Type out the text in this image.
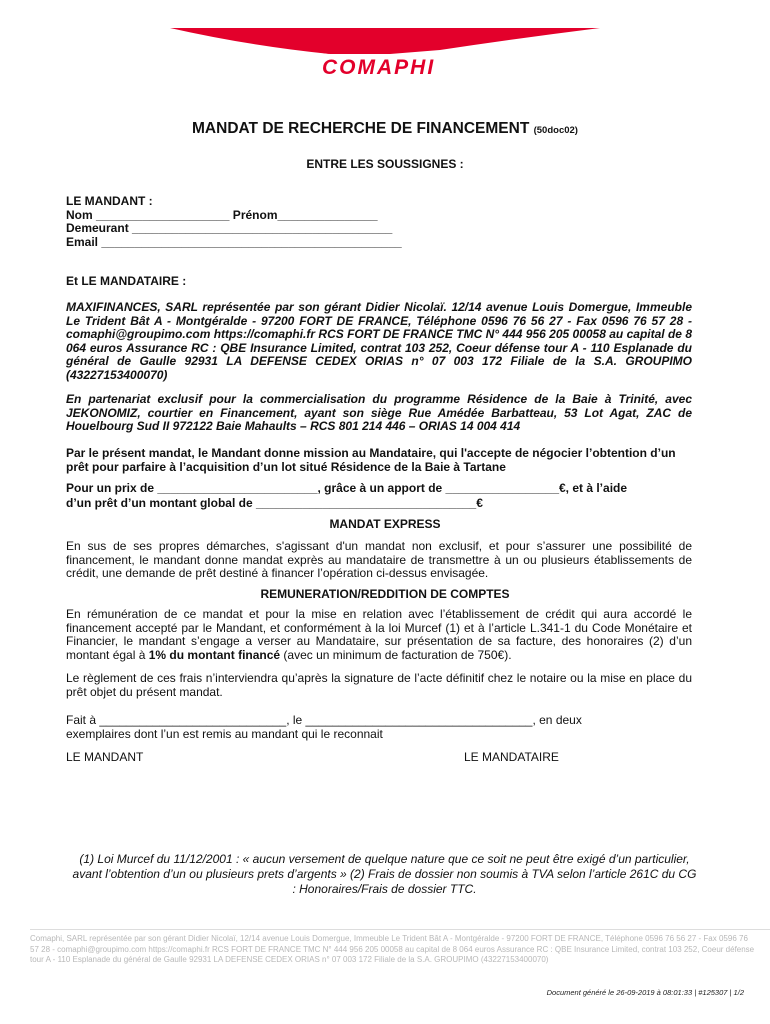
COMAPHI
MANDAT DE RECHERCHE DE FINANCEMENT (50doc02)
ENTRE LES SOUSSIGNES :
LE MANDANT :
Nom ____________________ Prénom_______________
Demeurant _______________________________________
Email _____________________________________________
Et LE MANDATAIRE :
MAXIFINANCES, SARL représentée par son gérant Didier Nicolaï. 12/14 avenue Louis Domergue, Immeuble Le Trident Bât A - Montgéralde - 97200 FORT DE FRANCE, Téléphone 0596 76 56 27 - Fax 0596 76 57 28 - comaphi@groupimo.com https://comaphi.fr RCS FORT DE FRANCE TMC N° 444 956 205 00058 au capital de 8 064 euros Assurance RC : QBE Insurance Limited, contrat 103 252, Coeur défense tour A - 110 Esplanade du général de Gaulle 92931 LA DEFENSE CEDEX ORIAS n° 07 003 172 Filiale de la S.A. GROUPIMO (43227153400070)
En partenariat exclusif pour la commercialisation du programme Résidence de la Baie à Trinité, avec JEKONOMIZ, courtier en Financement, ayant son siège Rue Amédée Barbatteau, 53 Lot Agat, ZAC de Houelbourg Sud II 972122 Baie Mahaults – RCS 801 214 446 – ORIAS 14 004 414
Par le présent mandat, le Mandant donne mission au Mandataire, qui l'accepte de négocier l’obtention d’un prêt pour parfaire à l’acquisition d’un lot situé Résidence de la Baie à Tartane
Pour un prix de ________________________, grâce à un apport de _________________€, et à l’aide
d’un prêt d’un montant global de _________________________________€
MANDAT EXPRESS
En sus de ses propres démarches, s'agissant d'un mandat non exclusif, et pour s’assurer une possibilité de financement, le mandant donne mandat exprès au mandataire de transmettre à un ou plusieurs établissements de crédit, une demande de prêt destiné à financer l’opération ci-dessus envisagée.
REMUNERATION/REDDITION DE COMPTES
En rémunération de ce mandat et pour la mise en relation avec l’établissement de crédit qui aura accordé le financement accepté par le Mandant, et conformément à la loi Murcef (1) et à l’article L.341-1 du Code Monétaire et Financier, le mandant s’engage a verser au Mandataire, sur présentation de sa facture, des honoraires (2) d’un montant égal à 1% du montant financé (avec un minimum de facturation de 750€).
Le règlement de ces frais n’interviendra qu’après la signature de l’acte définitif chez le notaire ou la mise en place du prêt objet du présent mandat.
Fait à ____________________________, le __________________________________, en deux
exemplaires dont l’un est remis au mandant qui le reconnait
LE MANDANT	LE MANDATAIRE
(1) Loi Murcef du 11/12/2001 : « aucun versement de quelque nature que ce soit ne peut être exigé d’un particulier, avant l’obtention d’un ou plusieurs prets d’argents » (2) Frais de dossier non soumis à TVA selon l’article 261C du CG : Honoraires/Frais de dossier TTC.
Comaphi, SARL représentée par son gérant Didier Nicolaï, 12/14 avenue Louis Domergue, Immeuble Le Trident Bât A - Montgéralde - 97200 FORT DE FRANCE, Téléphone 0596 76 56 27 - Fax 0596 76 57 28 - comaphi@groupimo.com https://comaphi.fr RCS FORT DE FRANCE TMC N° 444 956 205 00058 au capital de 8 064 euros Assurance RC : QBE Insurance Limited, contrat 103 252, Coeur défense tour A - 110 Esplanade du général de Gaulle 92931 LA DEFENSE CEDEX ORIAS n° 07 003 172 Filiale de la S.A. GROUPIMO (43227153400070)
Document généré le 26-09-2019 à 08:01:33 | #125307 | 1/2
